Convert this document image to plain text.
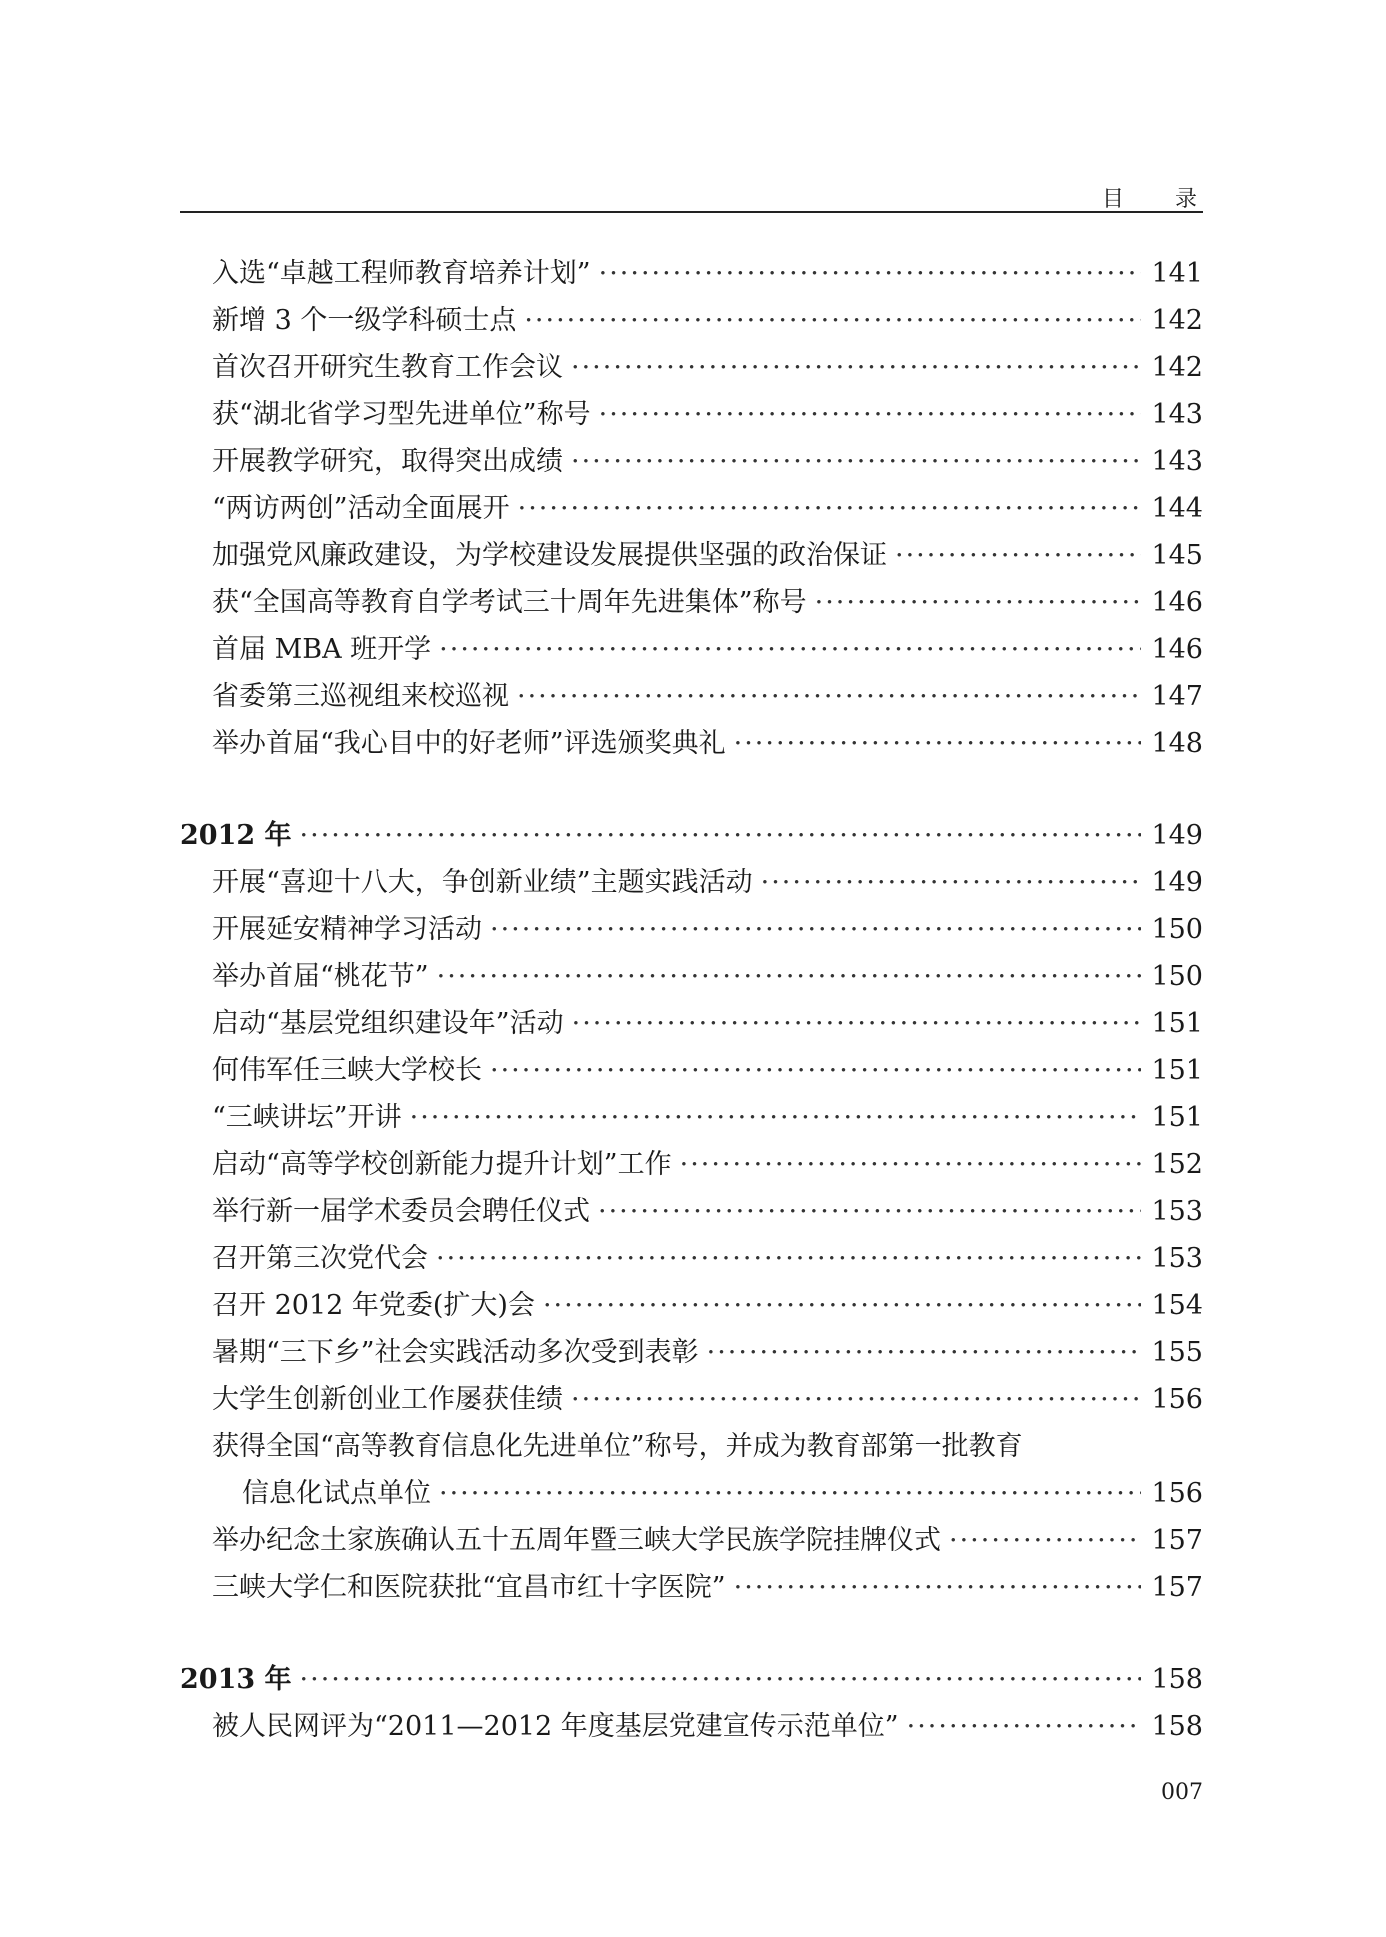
目 录
入选“卓越工程师教育培养计划” ·····	141
新增 3 个一级学科硕士点 ·····	142
首次召开研究生教育工作会议 ·····	142
获“湖北省学习型先进单位”称号 ·····	143
开展教学研究，取得突出成绩 ·····	143
“两访两创”活动全面展开 ·····	144
加强党风廉政建设，为学校建设发展提供坚强的政治保证 ·····	145
获“全国高等教育自学考试三十周年先进集体”称号 ·····	146
首届 MBA 班开学 ·····	146
省委第三巡视组来校巡视 ·····	147
举办首届“我心目中的好老师”评选颁奖典礼 ·····	148
2012 年 ·····	149
开展“喜迎十八大，争创新业绩”主题实践活动 ·····	149
开展延安精神学习活动 ·····	150
举办首届“桃花节” ·····	150
启动“基层党组织建设年”活动 ·····	151
何伟军任三峡大学校长 ·····	151
“三峡讲坛”开讲 ·····	151
启动“高等学校创新能力提升计划”工作 ·····	152
举行新一届学术委员会聘任仪式 ·····	153
召开第三次党代会 ·····	153
召开 2012 年党委(扩大)会 ·····	154
暑期“三下乡”社会实践活动多次受到表彰 ·····	155
大学生创新创业工作屡获佳绩 ·····	156
获得全国“高等教育信息化先进单位”称号，并成为教育部第一批教育
信息化试点单位 ·····	156
举办纪念土家族确认五十五周年暨三峡大学民族学院挂牌仪式 ·····	157
三峡大学仁和医院获批“宜昌市红十字医院” ·····	157
2013 年 ·····	158
被人民网评为“2011—2012 年度基层党建宣传示范单位” ·····	158
007
